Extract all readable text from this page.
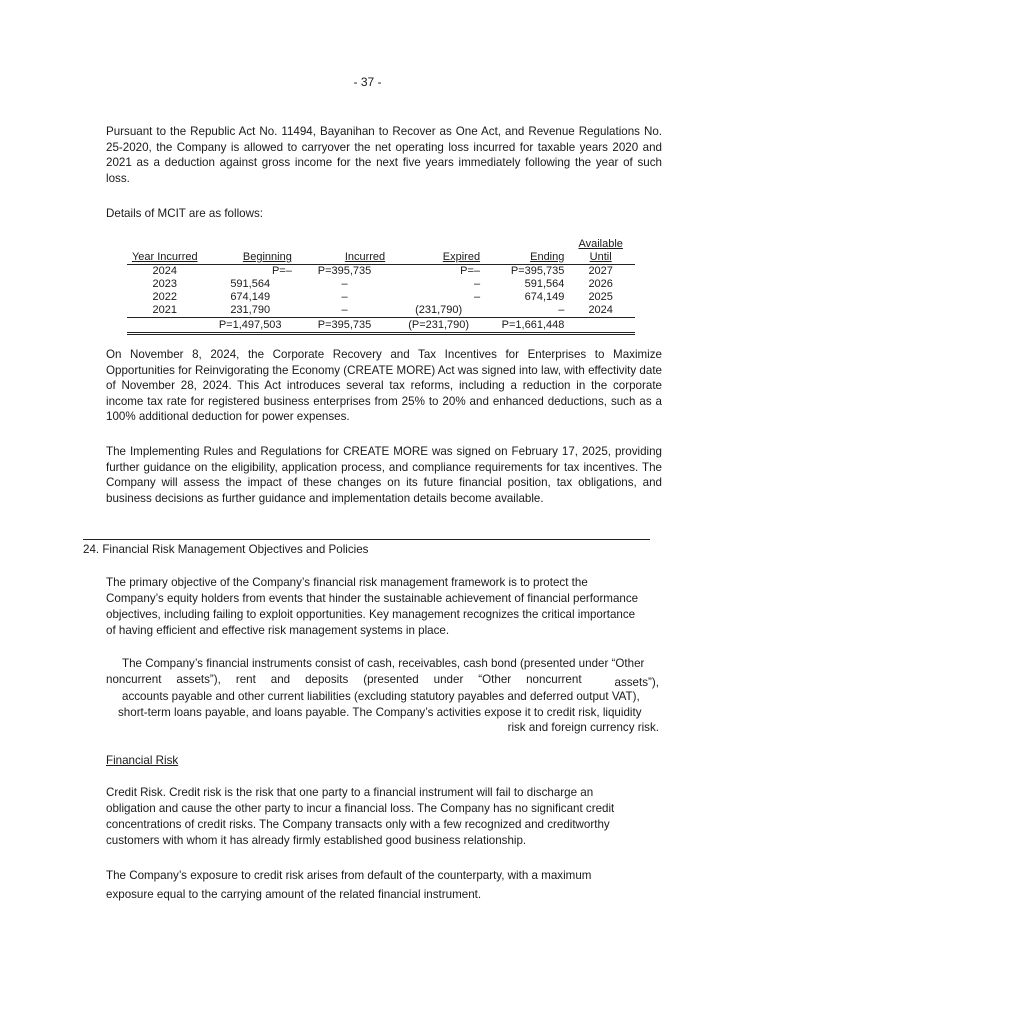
- 37 -

Pursuant to the Republic Act No. 11494, Bayanihan to Recover as One Act, and Revenue Regulations No. 25-2020, the Company is allowed to carryover the net operating loss incurred for taxable years 2020 and 2021 as a deduction against gross income for the next five years immediately following the year of such loss.

Details of MCIT are as follows:

Year Incurred	Beginning	Incurred	Expired	Ending	Available Until
2024	P=–	P=395,735	P=–	P=395,735	2027
2023	591,564	–	–	591,564	2026
2022	674,149	–	–	674,149	2025
2021	231,790	–	(231,790)	–	2024
	P=1,497,503	P=395,735	(P=231,790)	P=1,661,448	

On November 8, 2024, the Corporate Recovery and Tax Incentives for Enterprises to Maximize Opportunities for Reinvigorating the Economy (CREATE MORE) Act was signed into law, with effectivity date of November 28, 2024. This Act introduces several tax reforms, including a reduction in the corporate income tax rate for registered business enterprises from 25% to 20% and enhanced deductions, such as a 100% additional deduction for power expenses.

The Implementing Rules and Regulations for CREATE MORE was signed on February 17, 2025, providing further guidance on the eligibility, application process, and compliance requirements for tax incentives. The Company will assess the impact of these changes on its future financial position, tax obligations, and business decisions as further guidance and implementation details become available.

24. Financial Risk Management Objectives and Policies

The primary objective of the Company’s financial risk management framework is to protect the Company’s equity holders from events that hinder the sustainable achievement of financial performance objectives, including failing to exploit opportunities. Key management recognizes the critical importance of having efficient and effective risk management systems in place.

The Company’s financial instruments consist of cash, receivables, cash bond (presented under “Other
noncurrent assets”), rent and deposits (presented under “Other noncurrent	assets”),
accounts payable and other current liabilities (excluding statutory payables and deferred output VAT),
short-term loans payable, and loans payable. The Company’s activities expose it to credit risk, liquidity
risk and foreign currency risk.
Financial Risk

Credit Risk. Credit risk is the risk that one party to a financial instrument will fail to discharge an obligation and cause the other party to incur a financial loss. The Company has no significant credit concentrations of credit risks. The Company transacts only with a few recognized and creditworthy customers with whom it has already firmly established good business relationship.

The Company’s exposure to credit risk arises from default of the counterparty, with a maximum exposure equal to the carrying amount of the related financial instrument.
